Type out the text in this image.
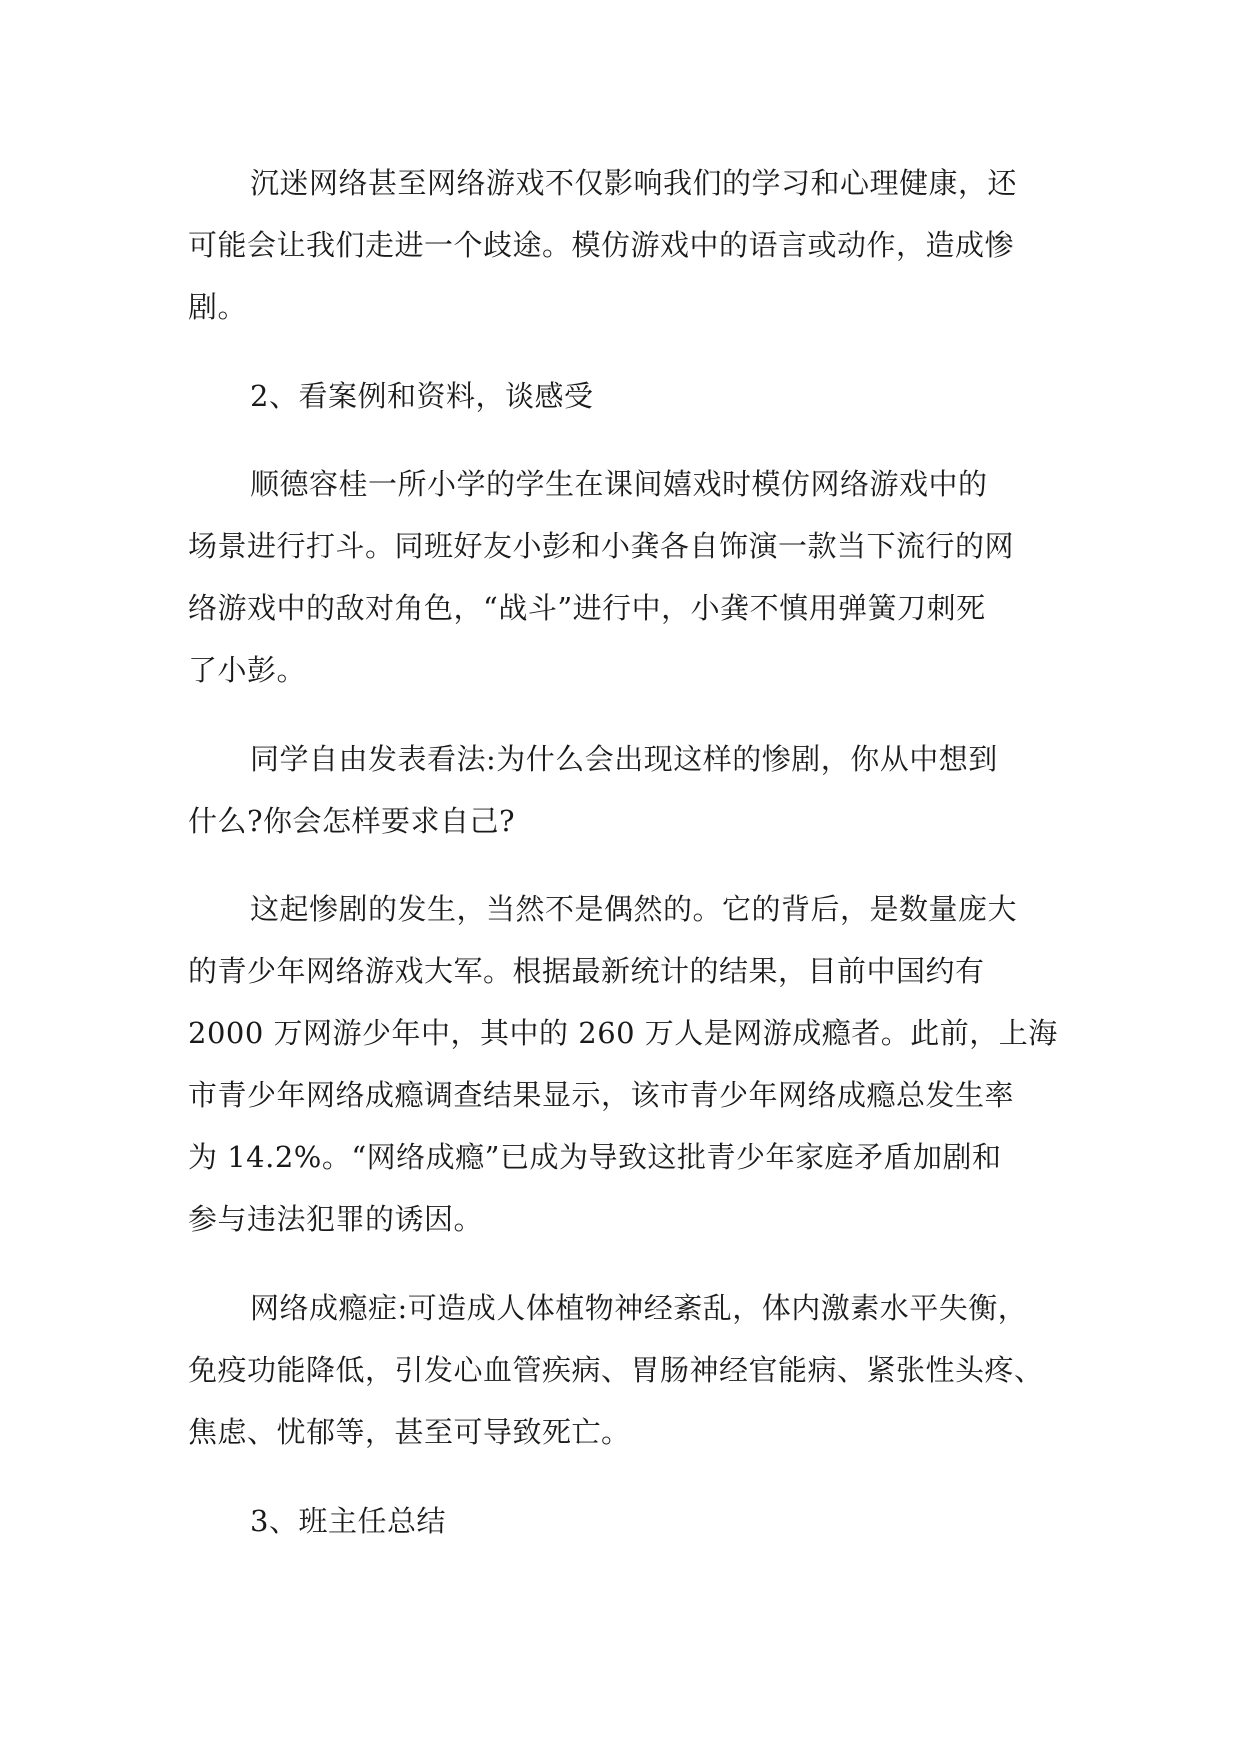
沉迷网络甚至网络游戏不仅影响我们的学习和心理健康，还
可能会让我们走进一个歧途。模仿游戏中的语言或动作，造成惨
剧。
2、看案例和资料，谈感受
顺德容桂一所小学的学生在课间嬉戏时模仿网络游戏中的
场景进行打斗。同班好友小彭和小龚各自饰演一款当下流行的网
络游戏中的敌对角色，“战斗”进行中，小龚不慎用弹簧刀刺死
了小彭。
同学自由发表看法:为什么会出现这样的惨剧，你从中想到
什么?你会怎样要求自己?
这起惨剧的发生，当然不是偶然的。它的背后，是数量庞大
的青少年网络游戏大军。根据最新统计的结果，目前中国约有
2000 万网游少年中，其中的 260 万人是网游成瘾者。此前，上海
市青少年网络成瘾调查结果显示，该市青少年网络成瘾总发生率
为 14.2%。“网络成瘾”已成为导致这批青少年家庭矛盾加剧和
参与违法犯罪的诱因。
网络成瘾症:可造成人体植物神经紊乱，体内激素水平失衡，
免疫功能降低，引发心血管疾病、胃肠神经官能病、紧张性头疼、
焦虑、忧郁等，甚至可导致死亡。
3、班主任总结
